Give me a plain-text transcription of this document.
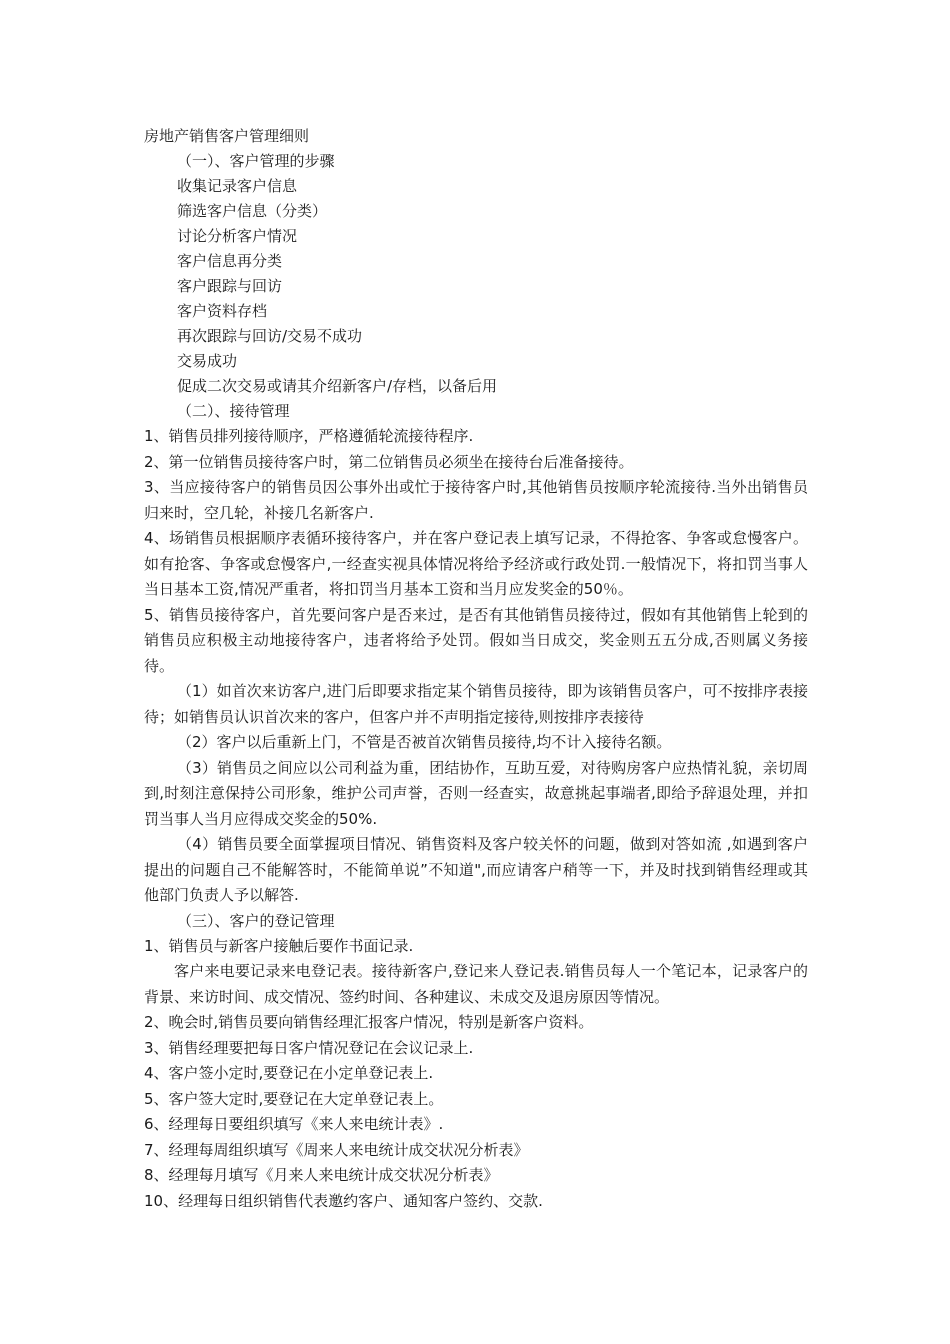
房地产销售客户管理细则

（一）、客户管理的步骤

收集记录客户信息

筛选客户信息（分类）

讨论分析客户情况

客户信息再分类

客户跟踪与回访

客户资料存档

再次跟踪与回访/交易不成功

交易成功

促成二次交易或请其介绍新客户/存档，以备后用

（二）、接待管理

1、销售员排列接待顺序，严格遵循轮流接待程序.

2、第一位销售员接待客户时，第二位销售员必须坐在接待台后准备接待。

3、当应接待客户的销售员因公事外出或忙于接待客户时,其他销售员按顺序轮流接待.当外出销售员归来时，空几轮，补接几名新客户.

4、场销售员根据顺序表循环接待客户，并在客户登记表上填写记录，不得抢客、争客或怠慢客户。如有抢客、争客或怠慢客户,一经查实视具体情况将给予经济或行政处罚.一般情况下，将扣罚当事人当日基本工资,情况严重者，将扣罚当月基本工资和当月应发奖金的50％。

5、销售员接待客户，首先要问客户是否来过，是否有其他销售员接待过，假如有其他销售上轮到的销售员应积极主动地接待客户，违者将给予处罚。假如当日成交，奖金则五五分成,否则属义务接待。

（1）如首次来访客户,进门后即要求指定某个销售员接待，即为该销售员客户，可不按排序表接待；如销售员认识首次来的客户，但客户并不声明指定接待,则按排序表接待

（2）客户以后重新上门，不管是否被首次销售员接待,均不计入接待名额。

（3）销售员之间应以公司利益为重，团结协作，互助互爱，对待购房客户应热情礼貌，亲切周到,时刻注意保持公司形象，维护公司声誉，否则一经查实，故意挑起事端者,即给予辞退处理，并扣罚当事人当月应得成交奖金的50%.

（4）销售员要全面掌握项目情况、销售资料及客户较关怀的问题，做到对答如流 ,如遇到客户提出的问题自己不能解答时，不能简单说”不知道",而应请客户稍等一下，并及时找到销售经理或其他部门负责人予以解答.

（三）、客户的登记管理

1、销售员与新客户接触后要作书面记录.

客户来电要记录来电登记表。接待新客户,登记来人登记表.销售员每人一个笔记本，记录客户的背景、来访时间、成交情况、签约时间、各种建议、未成交及退房原因等情况。

2、晚会时,销售员要向销售经理汇报客户情况，特别是新客户资料。

3、销售经理要把每日客户情况登记在会议记录上.

4、客户签小定时,要登记在小定单登记表上.

5、客户签大定时,要登记在大定单登记表上。

6、经理每日要组织填写《来人来电统计表》.

7、经理每周组织填写《周来人来电统计成交状况分析表》

8、经理每月填写《月来人来电统计成交状况分析表》

10、经理每日组织销售代表邀约客户、通知客户签约、交款.
